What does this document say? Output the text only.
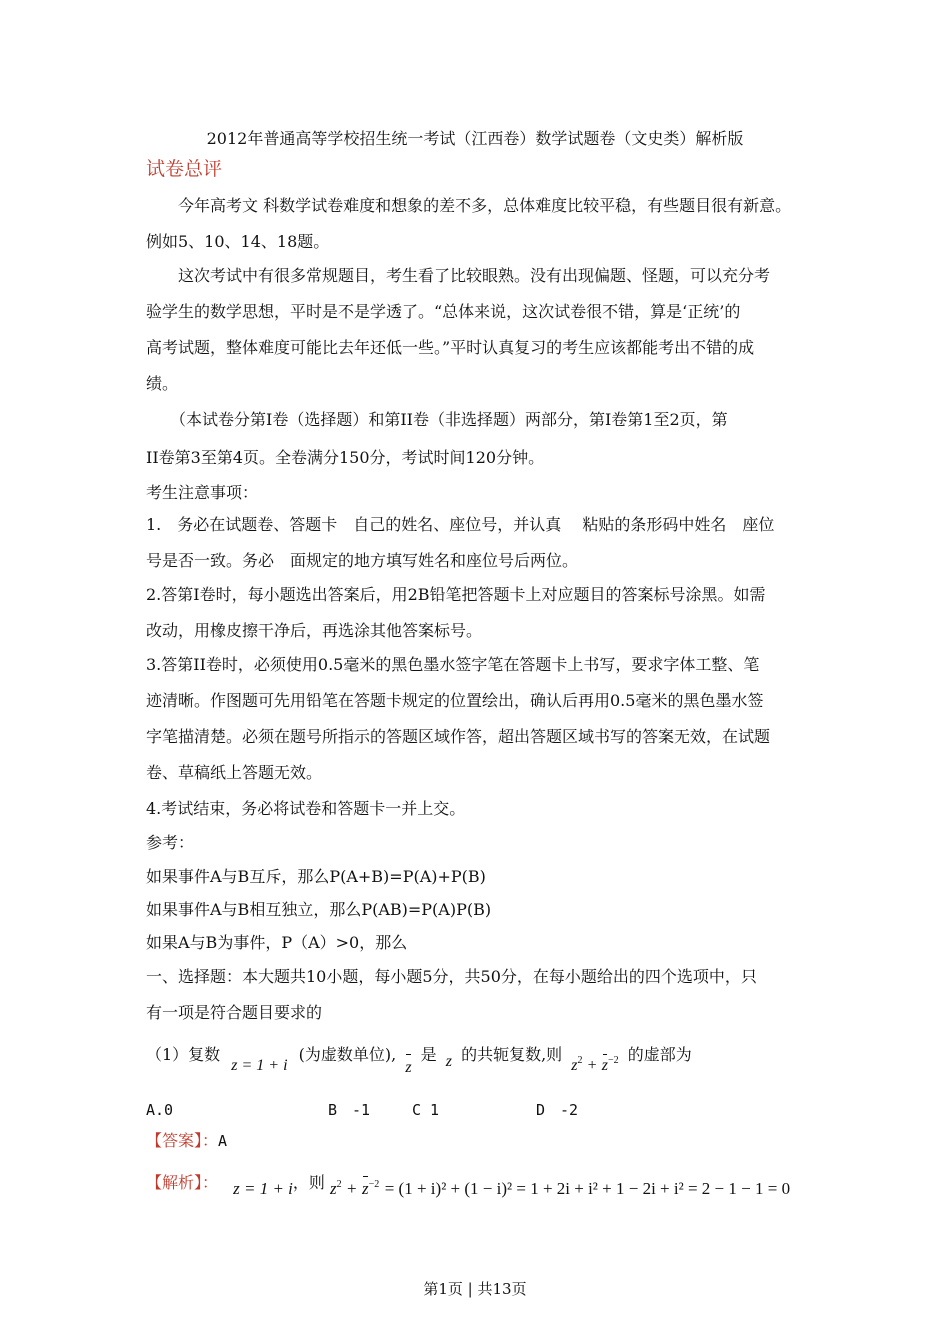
2012年普通高等学校招生统一考试（江西卷）数学试题卷（文史类）解析版
试卷总评
今年高考文 科数学试卷难度和想象的差不多，总体难度比较平稳，有些题目很有新意。
例如5、10、14、18题。
这次考试中有很多常规题目，考生看了比较眼熟。没有出现偏题、怪题，可以充分考
验学生的数学思想，平时是不是学透了。“总体来说，这次试卷很不错，算是‘正统’的
高考试题，整体难度可能比去年还低一些。”平时认真复习的考生应该都能考出不错的成
绩。
（本试卷分第Ⅰ卷（选择题）和第II卷（非选择题）两部分，第Ⅰ卷第1至2页，第
II卷第3至第4页。全卷满分150分，考试时间120分钟。
考生注意事项：
1.　务必在试题卷、答题卡　自己的姓名、座位号，并认真　 粘贴的条形码中姓名　座位
号是否一致。务必　面规定的地方填写姓名和座位号后两位。
2.答第Ⅰ卷时，每小题选出答案后，用2B铅笔把答题卡上对应题目的答案标号涂黑。如需
改动，用橡皮擦干净后，再选涂其他答案标号。
3.答第II卷时，必须使用0.5毫米的黑色墨水签字笔在答题卡上书写，要求字体工整、笔
迹清晰。作图题可先用铅笔在答题卡规定的位置绘出，确认后再用0.5毫米的黑色墨水签
字笔描清楚。必须在题号所指示的答题区域作答，超出答题区域书写的答案无效，在试题
卷、草稿纸上答题无效。
4.考试结束，务必将试卷和答题卡一并上交。
参考：
如果事件A与B互斥，那么P(A+B)=P(A)+P(B)
如果事件A与B相互独立，那么P(AB)=P(A)P(B)
如果A与B为事件，P（A）>0，那么
一、选择题：本大题共10小题，每小题5分，共50分，在每小题给出的四个选项中，只
有一项是符合题目要求的
（1）复数 z = 1 + i (为虚数单位),
z 是 z 的共轭复数,则 $z^2 + z^{-2}$ 的虚部为
A.0	B　-1	C 1	D　-2
【答案】：A
【解析】： z = 1 + i，则 $z^2 + z^{-2} = (1 + i)^2 + (1 - i)^2 = 1 + 2i + i^2 + 1 - 2i + i^2 = 2 - 1 - 1 = 0$
第1页 | 共13页
